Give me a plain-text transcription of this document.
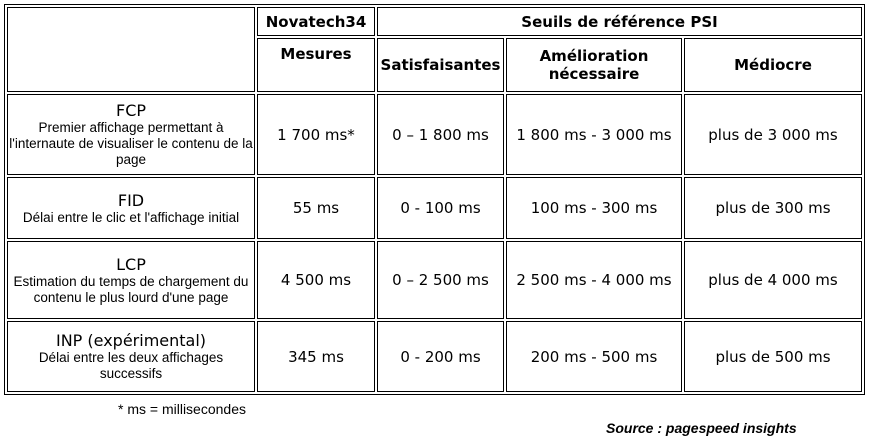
	Novatech34	Seuils de référence PSI		
	Mesures	Satisfaisantes	Amélioration nécessaire	Médiocre

FCP
Premier affichage permettant à l'internaute de visualiser le contenu de la page	1 700 ms*	0 – 1 800 ms	1 800 ms - 3 000 ms	plus de 3 000 ms

FID
Délai entre le clic et l'affichage initial	55 ms	0 - 100 ms	100 ms - 300 ms	plus de 300 ms

LCP
Estimation du temps de chargement du contenu le plus lourd d'une page	4 500 ms	0 – 2 500 ms	2 500 ms - 4 000 ms	plus de 4 000 ms

INP (expérimental)
Délai entre les deux affichages successifs	345 ms	0 - 200 ms	200 ms - 500 ms	plus de 500 ms
* ms = millisecondes
Source : pagespeed insights
